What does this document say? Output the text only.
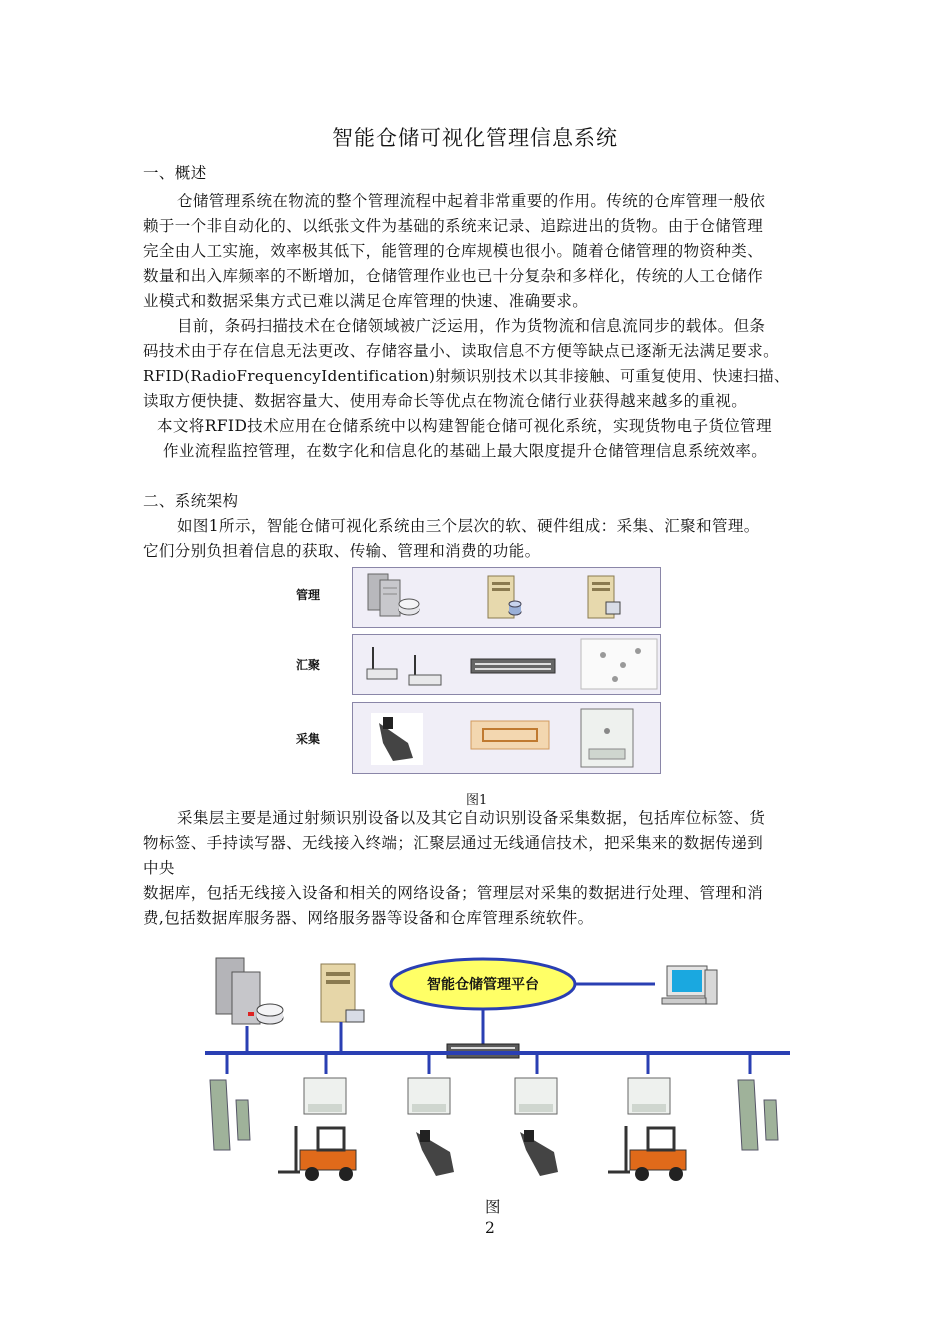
智能仓储可视化管理信息系统
一、概述
仓储管理系统在物流的整个管理流程中起着非常重要的作用。传统的仓库管理一般依
赖于一个非自动化的、以纸张文件为基础的系统来记录、追踪进出的货物。由于仓储管理
完全由人工实施，效率极其低下，能管理的仓库规模也很小。随着仓储管理的物资种类、
数量和出入库频率的不断增加，仓储管理作业也已十分复杂和多样化，传统的人工仓储作
业模式和数据采集方式已难以满足仓库管理的快速、准确要求。
目前，条码扫描技术在仓储领域被广泛运用，作为货物流和信息流同步的载体。但条
码技术由于存在信息无法更改、存储容量小、读取信息不方便等缺点已逐渐无法满足要求。
RFID(RadioFrequencyIdentification)射频识别技术以其非接触、可重复使用、快速扫描、
读取方便快捷、数据容量大、使用寿命长等优点在物流仓储行业获得越来越多的重视。
本文将RFID技术应用在仓储系统中以构建智能仓储可视化系统，实现货物电子货位管理
作业流程监控管理，在数字化和信息化的基础上最大限度提升仓储管理信息系统效率。
二、系统架构
如图1所示，智能仓储可视化系统由三个层次的软、硬件组成：采集、汇聚和管理。
它们分别负担着信息的获取、传输、管理和消费的功能。
管理
汇聚
采集
图1
采集层主要是通过射频识别设备以及其它自动识别设备采集数据，包括库位标签、货
物标签、手持读写器、无线接入终端；汇聚层通过无线通信技术，把采集来的数据传递到
中央
数据库，包括无线接入设备和相关的网络设备；管理层对采集的数据进行处理、管理和消
费,包括数据库服务器、网络服务器等设备和仓库管理系统软件。
智能仓储管理平台
图
2
